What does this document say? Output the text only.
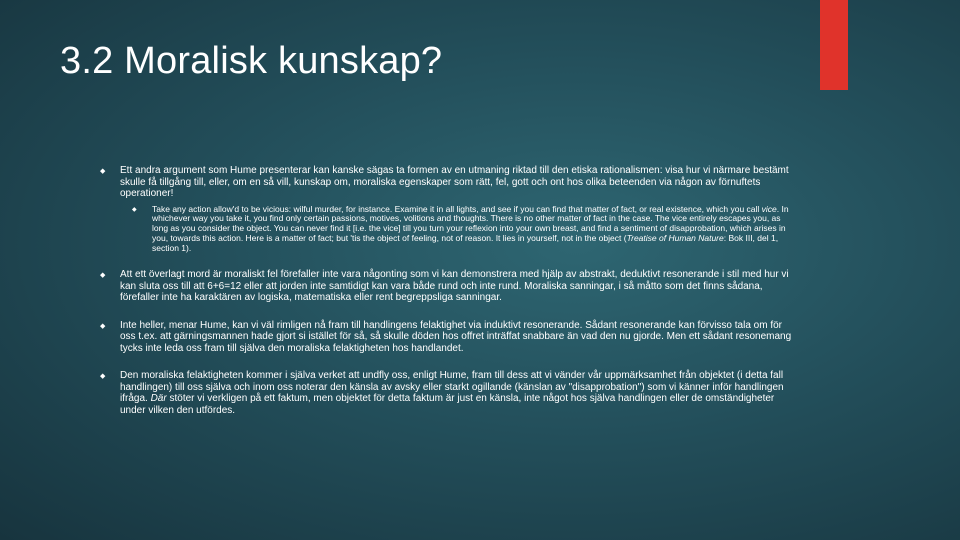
3.2 Moralisk kunskap?
◆ Ett andra argument som Hume presenterar kan kanske sägas ta formen av en utmaning riktad till den etiska rationalismen: visa hur vi närmare bestämt skulle få tillgång till, eller, om en så vill, kunskap om, moraliska egenskaper som rätt, fel, gott och ont hos olika beteenden via någon av förnuftets operationer!
◆ Take any action allow'd to be vicious: wilful murder, for instance. Examine it in all lights, and see if you can find that matter of fact, or real existence, which you call vice. In whichever way you take it, you find only certain passions, motives, volitions and thoughts. There is no other matter of fact in the case. The vice entirely escapes you, as long as you consider the object. You can never find it [i.e. the vice] till you turn your reflexion into your own breast, and find a sentiment of disapprobation, which arises in you, towards this action. Here is a matter of fact; but 'tis the object of feeling, not of reason. It lies in yourself, not in the object (Treatise of Human Nature: Bok III, del 1, section 1).
◆ Att ett överlagt mord är moraliskt fel förefaller inte vara någonting som vi kan demonstrera med hjälp av abstrakt, deduktivt resonerande i stil med hur vi kan sluta oss till att 6+6=12 eller att jorden inte samtidigt kan vara både rund och inte rund. Moraliska sanningar, i så måtto som det finns sådana, förefaller inte ha karaktären av logiska, matematiska eller rent begreppsliga sanningar.
◆ Inte heller, menar Hume, kan vi väl rimligen nå fram till handlingens felaktighet via induktivt resonerande. Sådant resonerande kan förvisso tala om för oss t.ex. att gärningsmannen hade gjort si istället för så, så skulle döden hos offret inträffat snabbare än vad den nu gjorde. Men ett sådant resonemang tycks inte leda oss fram till själva den moraliska felaktigheten hos handlandet.
◆ Den moraliska felaktigheten kommer i själva verket att undfly oss, enligt Hume, fram till dess att vi vänder vår uppmärksamhet från objektet (i detta fall handlingen) till oss själva och inom oss noterar den känsla av avsky eller starkt ogillande (känslan av "disapprobation") som vi känner inför handlingen ifråga. Där stöter vi verkligen på ett faktum, men objektet för detta faktum är just en känsla, inte något hos själva handlingen eller de omständigheter under vilken den utfördes.
